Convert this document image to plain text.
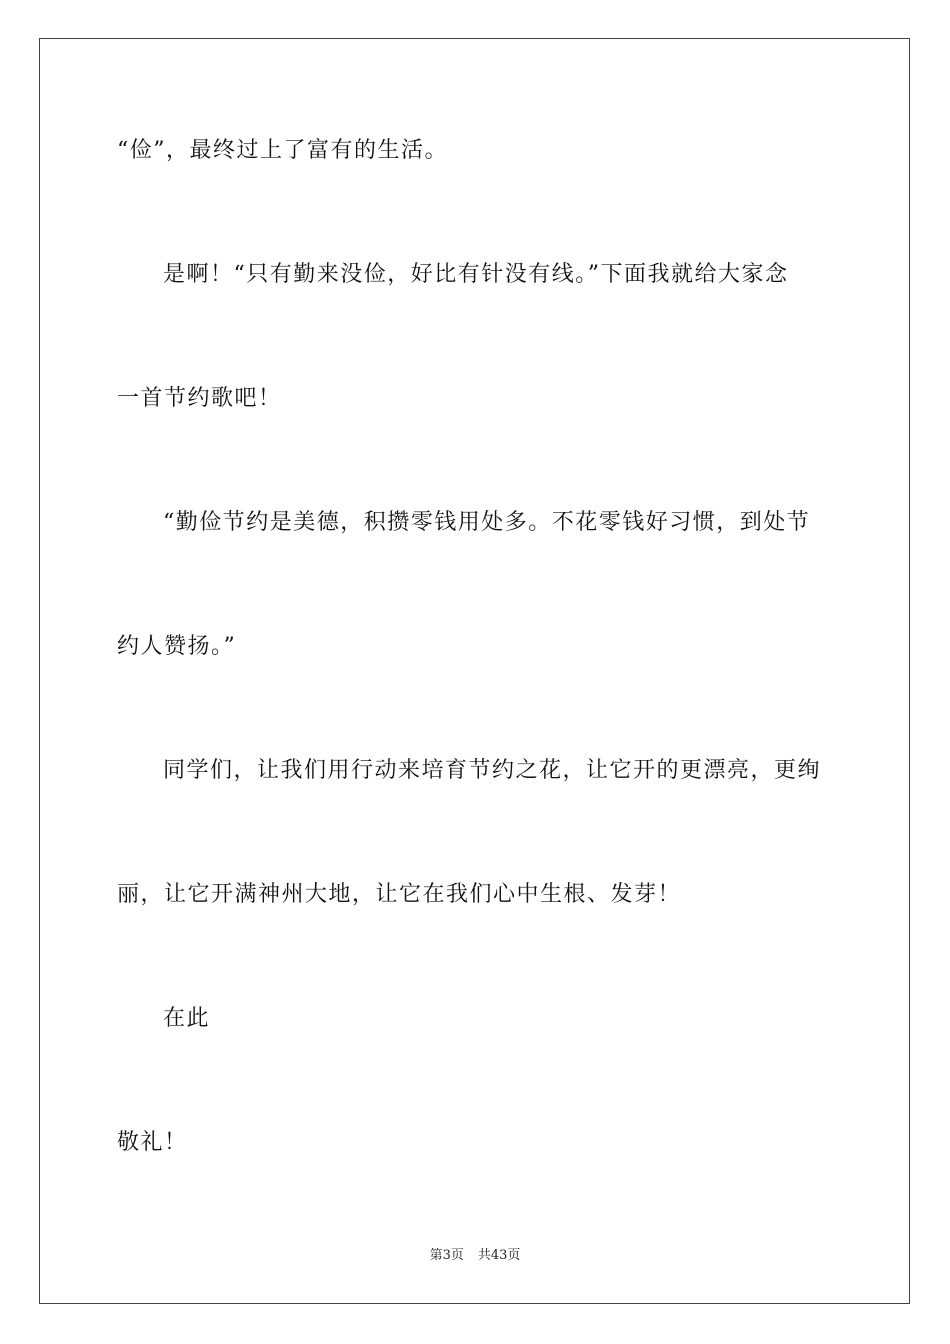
“俭”，最终过上了富有的生活。
是啊！“只有勤来没俭，好比有针没有线。”下面我就给大家念
一首节约歌吧！
“勤俭节约是美德，积攒零钱用处多。不花零钱好习惯，到处节
约人赞扬。”
同学们，让我们用行动来培育节约之花，让它开的更漂亮，更绚
丽，让它开满神州大地，让它在我们心中生根、发芽！
在此
敬礼！
第3页 共43页
